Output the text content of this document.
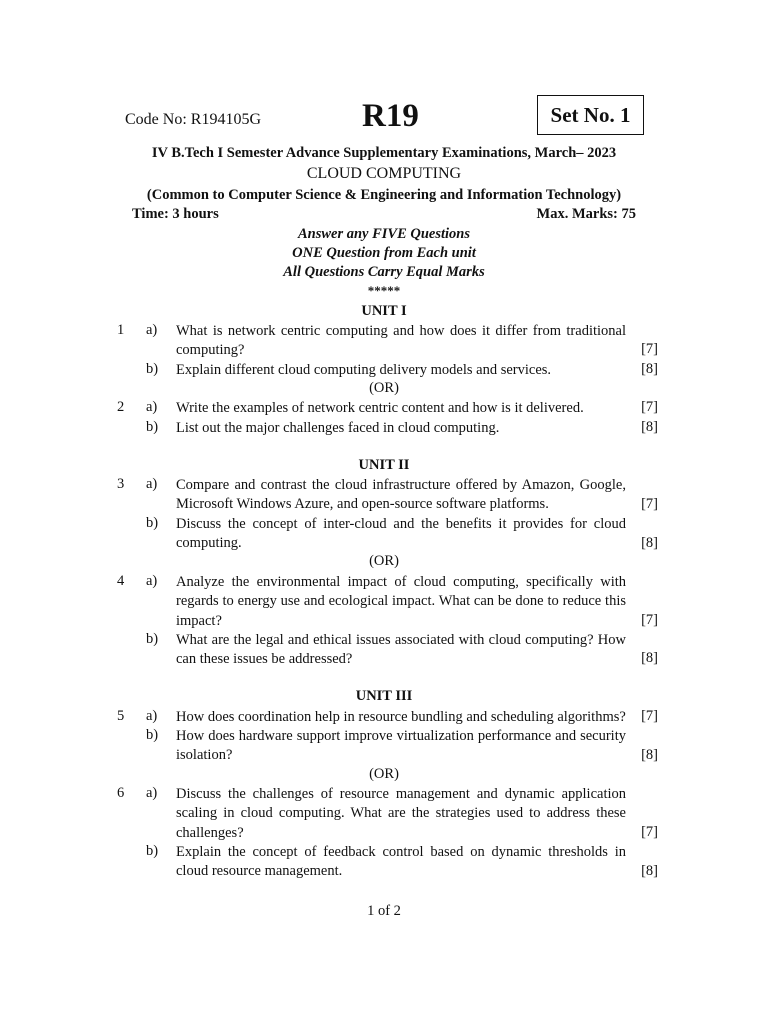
Code No: R194105G	R19	Set No. 1
IV B.Tech I Semester Advance Supplementary Examinations, March– 2023
CLOUD COMPUTING
(Common to Computer Science & Engineering and Information Technology)
Time: 3 hours	Max. Marks: 75
Answer any FIVE Questions
ONE Question from Each unit
All Questions Carry Equal Marks
*****
UNIT I
1 a) What is network centric computing and how does it differ from traditional computing?	[7]
b) Explain different cloud computing delivery models and services.	[8]
(OR)
2 a) Write the examples of network centric content and how is it delivered.	[7]
b) List out the major challenges faced in cloud computing.	[8]
UNIT II
3 a) Compare and contrast the cloud infrastructure offered by Amazon, Google, Microsoft Windows Azure, and open-source software platforms.	[7]
b) Discuss the concept of inter-cloud and the benefits it provides for cloud computing.	[8]
(OR)
4 a) Analyze the environmental impact of cloud computing, specifically with regards to energy use and ecological impact. What can be done to reduce this impact?	[7]
b) What are the legal and ethical issues associated with cloud computing? How can these issues be addressed?	[8]
UNIT III
5 a) How does coordination help in resource bundling and scheduling algorithms? [7]
b) How does hardware support improve virtualization performance and security isolation?	[8]
(OR)
6 a) Discuss the challenges of resource management and dynamic application scaling in cloud computing. What are the strategies used to address these challenges?	[7]
b) Explain the concept of feedback control based on dynamic thresholds in cloud resource management.	[8]
1 of 2
